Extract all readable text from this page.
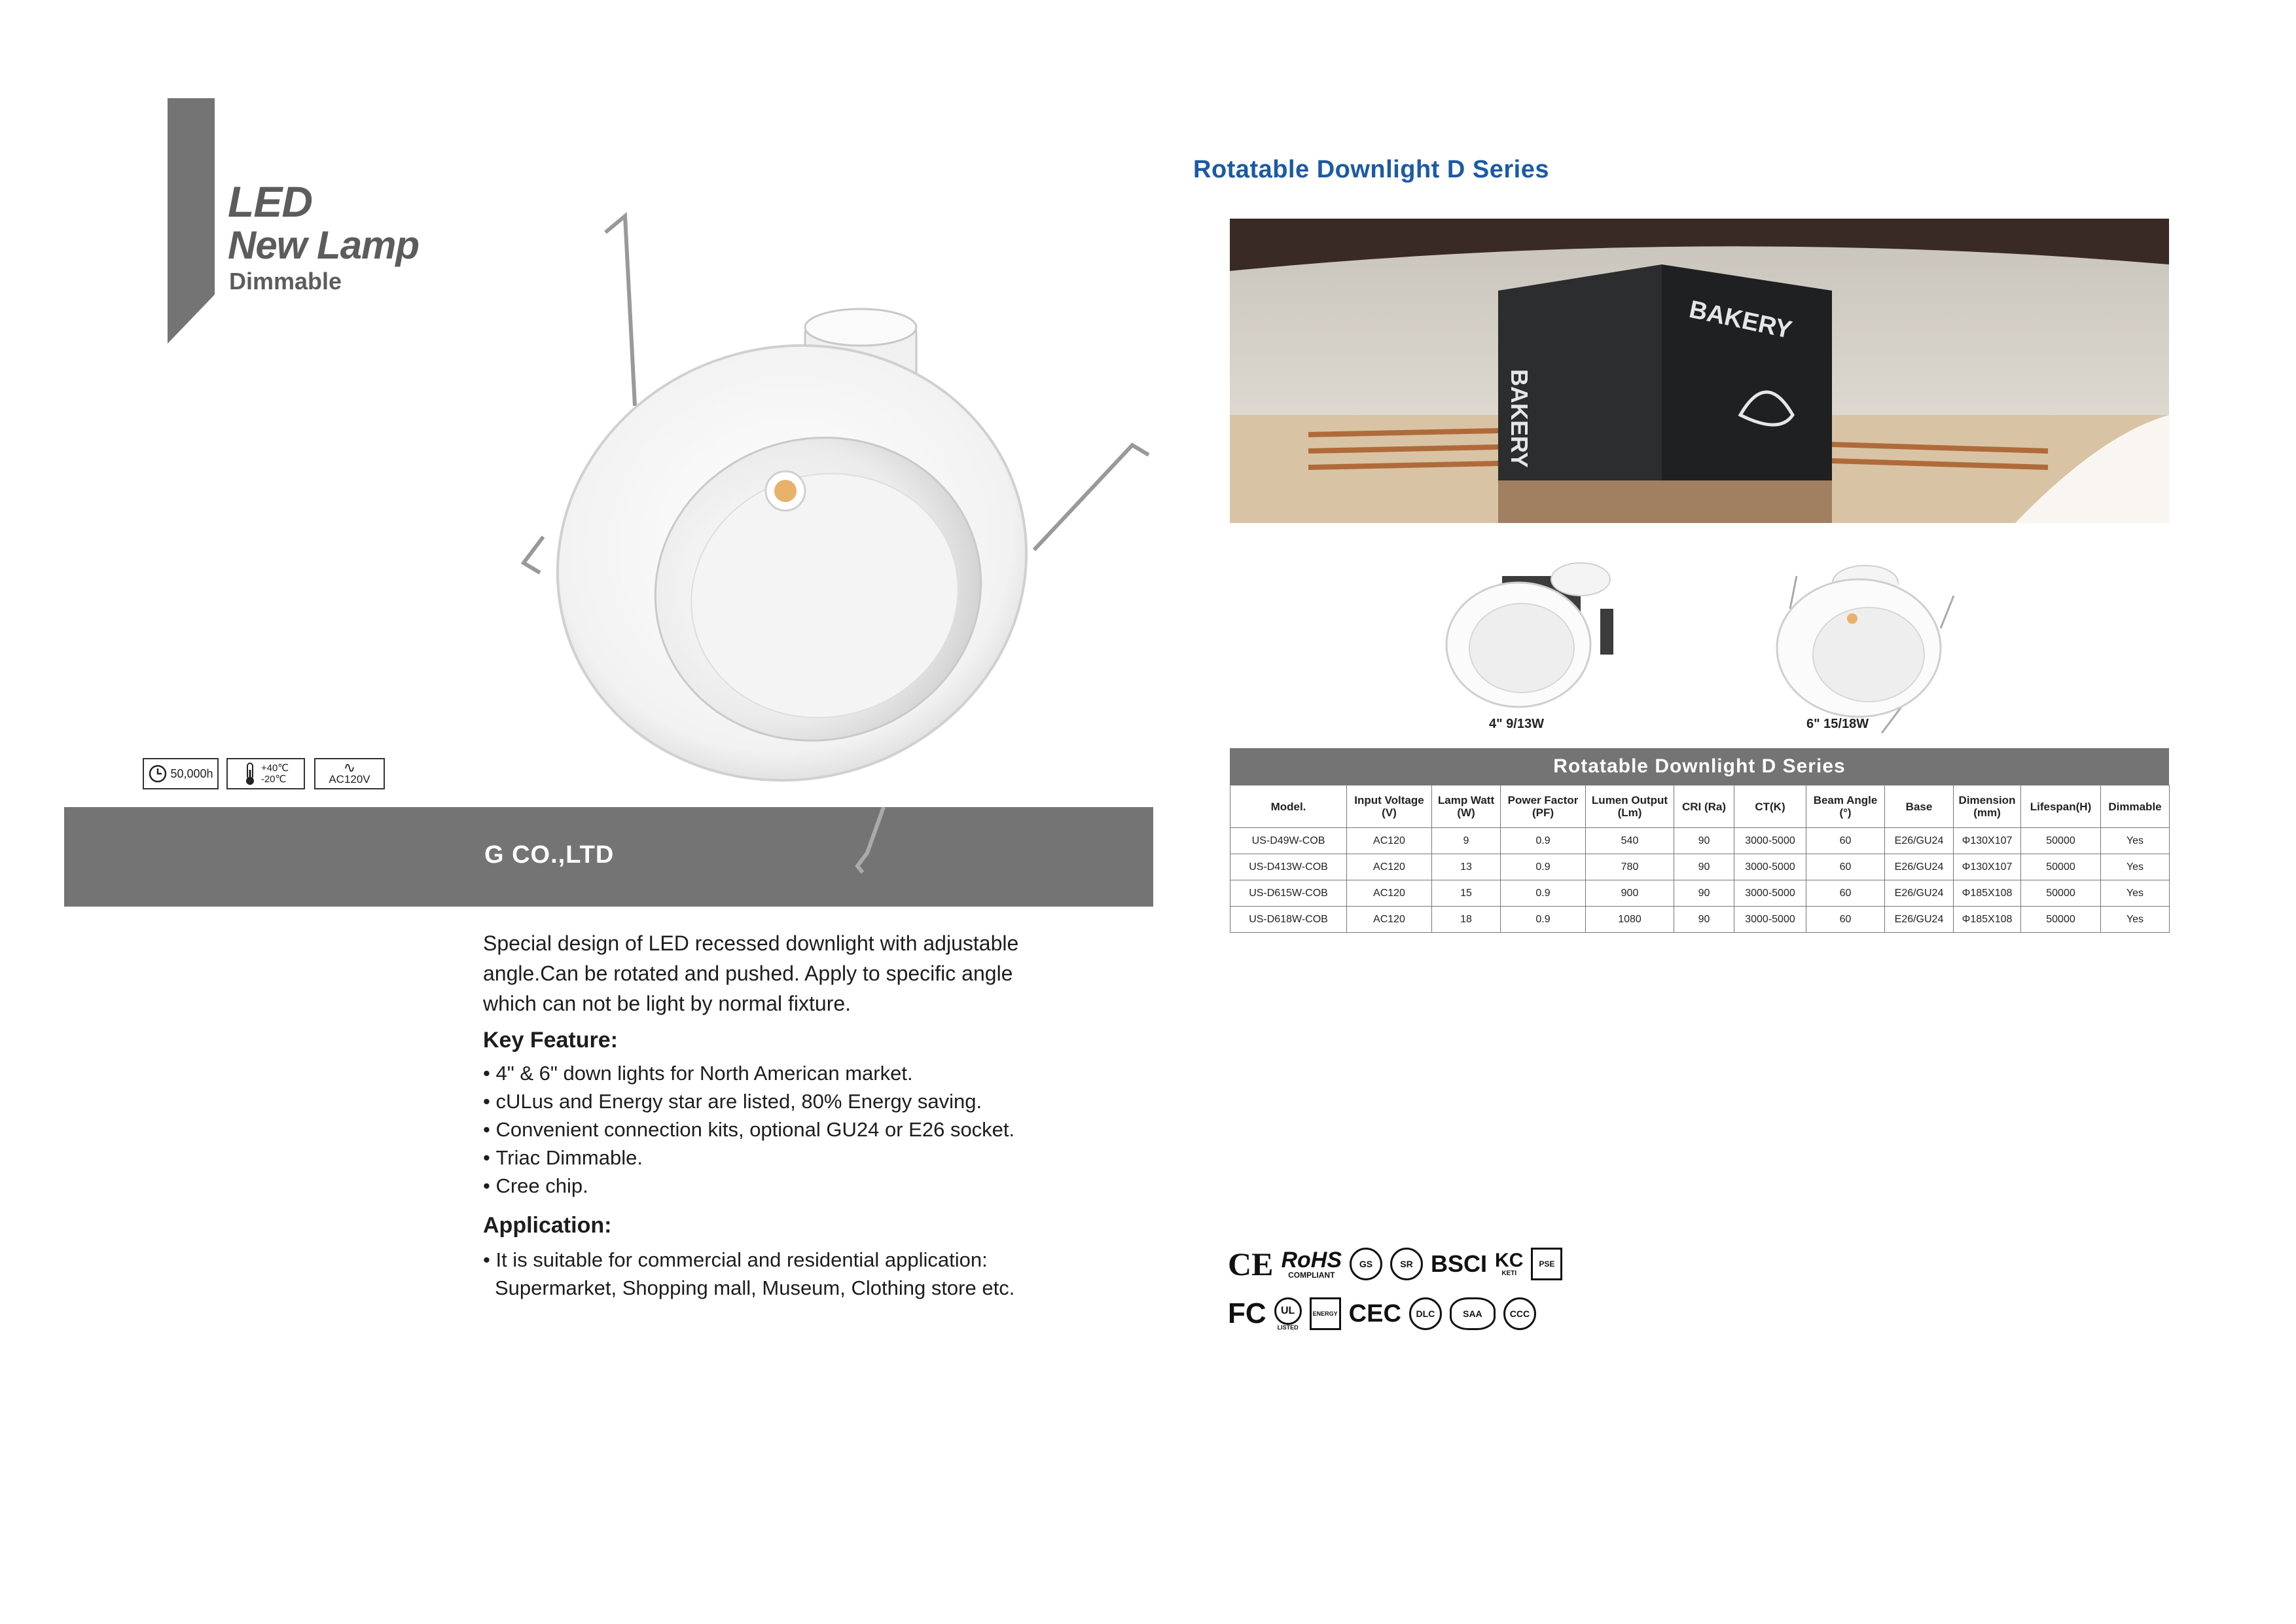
LED
New Lamp
Dimmable
50,000h	+40℃
-20℃
∿
AC120V
G CO.,LTD
Special design of LED recessed downlight with adjustable angle.Can be rotated and pushed. Apply to specific angle which can not be light by normal fixture.
Key Feature:
• 4" & 6" down lights for North American market.
• cULus and Energy star are listed, 80% Energy saving.
• Convenient connection kits, optional GU24 or E26 socket.
• Triac Dimmable.
• Cree chip.
Application:
• It is suitable for commercial and residential application:
Supermarket, Shopping mall, Museum, Clothing store etc.
Rotatable Downlight D Series
BAKERY
BAKERY
4" 9/13W	6" 15/18W
Rotatable Downlight D Series
Model.	Input Voltage (V)	Lamp Watt (W)	Power Factor (PF)	Lumen Output (Lm)	CRI (Ra)	CT(K)	Beam Angle (°)	Base	Dimension (mm)	Lifespan(H)	Dimmable
US-D49W-COB	AC120	9	0.9	540	90	3000-5000	60	E26/GU24	Φ130X107	50000	Yes
US-D413W-COB	AC120	13	0.9	780	90	3000-5000	60	E26/GU24	Φ130X107	50000	Yes
US-D615W-COB	AC120	15	0.9	900	90	3000-5000	60	E26/GU24	Φ185X108	50000	Yes
US-D618W-COB	AC120	18	0.9	1080	90	3000-5000	60	E26/GU24	Φ185X108	50000	Yes
CE RoHS
COMPLIANT
GS	SR BSCI KC
KETI
PSE
FC	UL
LISTED
ENERGY CEC	DLC	SAA	CCC
